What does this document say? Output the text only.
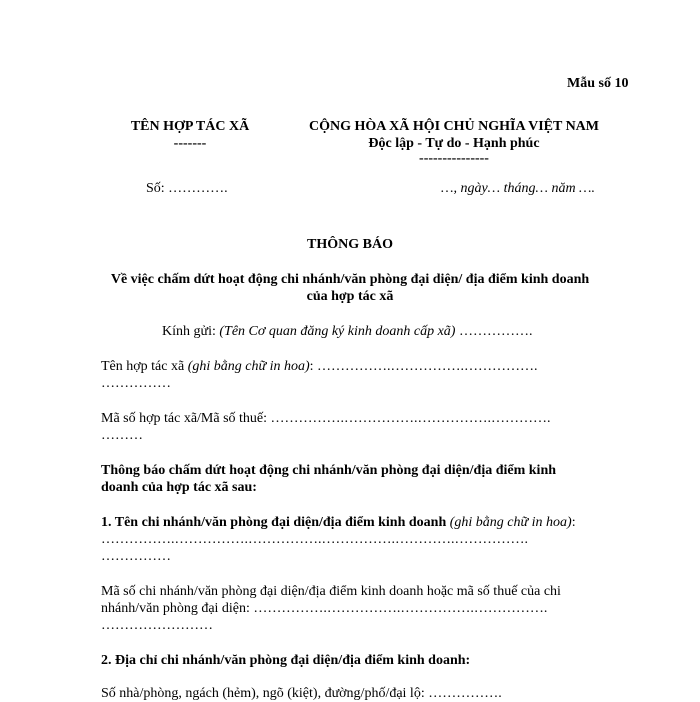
Mẫu số 10
TÊN HỢP TÁC XÃ
-------
CỘNG HÒA XÃ HỘI CHỦ NGHĨA VIỆT NAM
Độc lập - Tự do - Hạnh phúc
---------------
Số: ………….	…, ngày… tháng… năm ….
THÔNG BÁO
Về việc chấm dứt hoạt động chi nhánh/văn phòng đại diện/ địa điểm kinh doanh
của hợp tác xã
Kính gửi: (Tên Cơ quan đăng ký kinh doanh cấp xã) …………….
Tên hợp tác xã (ghi bằng chữ in hoa): …………….…………….…………….
……………
Mã số hợp tác xã/Mã số thuế: …………….…………….…………….………….
………
Thông báo chấm dứt hoạt động chi nhánh/văn phòng đại diện/địa điểm kinh
doanh của hợp tác xã sau:
1. Tên chi nhánh/văn phòng đại diện/địa điểm kinh doanh (ghi bằng chữ in hoa):
…………….…………….…………….…………….………….…………….
……………
Mã số chi nhánh/văn phòng đại diện/địa điểm kinh doanh hoặc mã số thuế của chi
nhánh/văn phòng đại diện: …………….…………….…………….…………….
……………………
2. Địa chỉ chi nhánh/văn phòng đại diện/địa điểm kinh doanh:
Số nhà/phòng, ngách (hẻm), ngõ (kiệt), đường/phố/đại lộ: …………….
